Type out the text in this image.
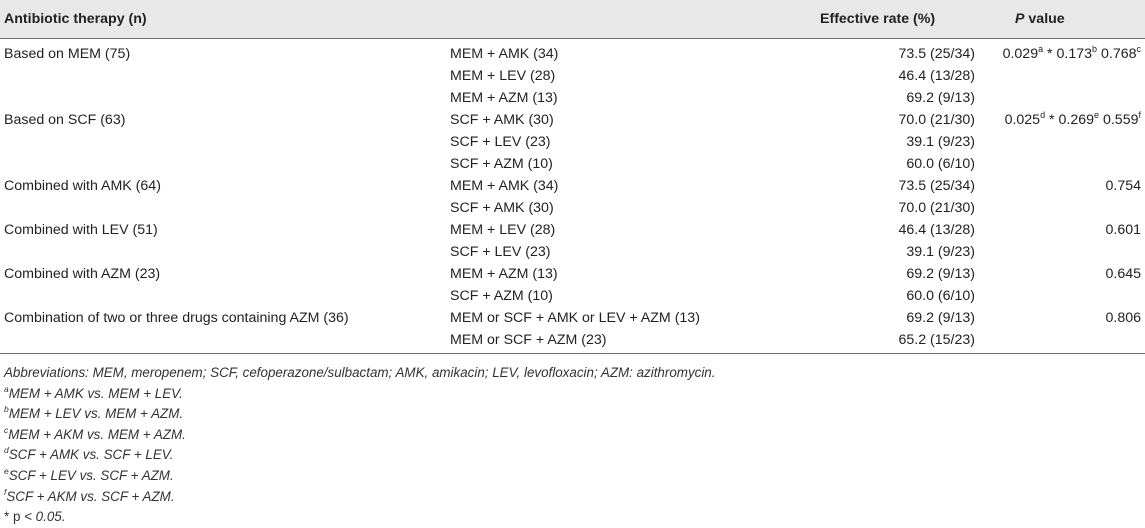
Antibiotic therapy (n)		Effective rate (%)	P value
Based on MEM (75)	MEM + AMK (34)	73.5 (25/34)	0.029$^a$ * 0.173$^b$ 0.768$^c$
	MEM + LEV (28)	46.4 (13/28)	
	MEM + AZM (13)	69.2 (9/13)	
Based on SCF (63)	SCF + AMK (30)	70.0 (21/30)	0.025$^d$ * 0.269e 0.559$^f$
	SCF + LEV (23)	39.1 (9/23)	
	SCF + AZM (10)	60.0 (6/10)	
Combined with AMK (64)	MEM + AMK (34)	73.5 (25/34)	0.754
	SCF + AMK (30)	70.0 (21/30)	
Combined with LEV (51)	MEM + LEV (28)	46.4 (13/28)	0.601
	SCF + LEV (23)	39.1 (9/23)	
Combined with AZM (23)	MEM + AZM (13)	69.2 (9/13)	0.645
	SCF + AZM (10)	60.0 (6/10)	
Combination of two or three drugs containing AZM (36)	MEM or SCF + AMK or LEV + AZM (13)	69.2 (9/13)	0.806
	MEM or SCF + AZM (23)	65.2 (15/23)	
Abbreviations: MEM, meropenem; SCF, cefoperazone/sulbactam; AMK, amikacin; LEV, levofloxacin; AZM: azithromycin.
$^a$MEM + AMK vs. MEM + LEV.
$^b$MEM + LEV vs. MEM + AZM.
$^c$MEM + AKM vs. MEM + AZM.
$^d$SCF + AMK vs. SCF + LEV.
$^e$SCF + LEV vs. SCF + AZM.
$^f$SCF + AKM vs. SCF + AZM.
* p < 0.05.
